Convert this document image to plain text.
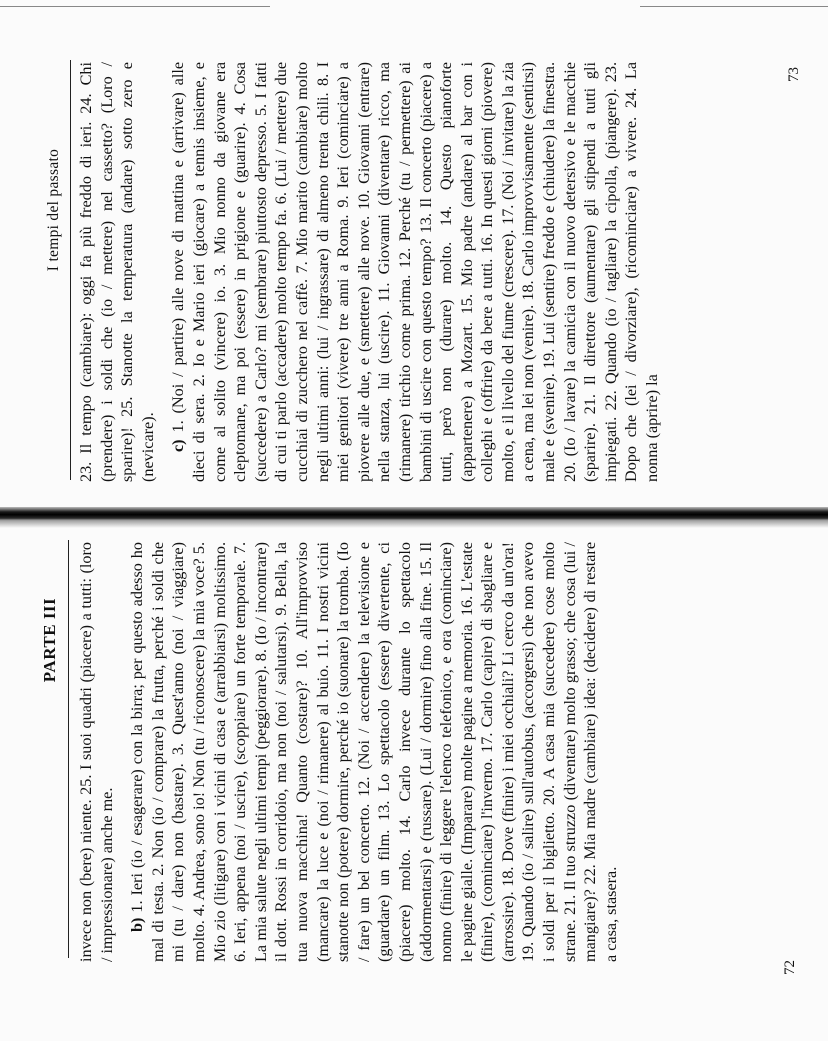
PARTE III invece non (bere) niente. 25. I suoi quadri (piacere) a tutti: (loro / impressionare) anche me. b) 1. Ieri (io / esagerare) con la birra; per questo adesso ho mal di testa. 2. Non (io / comprare) la frutta, perché i soldi che mi (tu / dare) non (bastare). 3. Quest'anno (noi / viaggiare) molto. 4. Andrea, sono io! Non (tu / riconoscere) la mia voce? 5. Mio zio (litigare) con i vicini di casa e (arrabbiarsi) moltissimo. 6. Ieri, appena (noi / uscire), (scoppiare) un forte temporale. 7. La mia salute negli ultimi tempi (peggiorare). 8. (Io / incontrare) il dott. Rossi in corridoio, ma non (noi / salutarsi). 9. Bella, la tua nuova macchina! Quanto (costare)? 10. All'improvviso (mancare) la luce e (noi / rimanere) al buio. 11. I nostri vicini stanotte non (potere) dormire, perché io (suonare) la tromba. (Io / fare) un bel concerto. 12. (Noi / accendere) la televisione e (guardare) un film. 13. Lo spettacolo (essere) divertente, ci (piacere) molto. 14. Carlo invece durante lo spettacolo (addormentarsi) e (russare). (Lui / dormire) fino alla fine. 15. Il nonno (finire) di leggere l'elenco telefonico, e ora (cominciare) le pagine gialle. (Imparare) molte pagine a memoria. 16. L'estate (finire), (cominciare) l'inverno. 17. Carlo (capire) di sbagliare e (arrossire). 18. Dove (finire) i miei occhiali? Li cerco da un'ora! 19. Quando (io / salire) sull'autobus, (accorgersi) che non avevo i soldi per il biglietto. 20. A casa mia (succedere) cose molto strane. 21. Il tuo struzzo (diventare) molto grasso; che cosa (lui / mangiare)? 22. Mia madre (cambiare) idea: (decidere) di restare a casa, stasera.

72
I tempi del passato 23. Il tempo (cambiare): oggi fa più freddo di ieri. 24. Chi (prendere) i soldi che (io / mettere) nel cassetto? (Loro / sparire)! 25. Stanotte la temperatura (andare) sotto zero e (nevicare). c) 1. (Noi / partire) alle nove di mattina e (arrivare) alle dieci di sera. 2. Io e Mario ieri (giocare) a tennis insieme, e come al solito (vincere) io. 3. Mio nonno da giovane era cleptomane, ma poi (essere) in prigione e (guarire). 4. Cosa (succedere) a Carlo? mi (sembrare) piuttosto depresso. 5. I fatti di cui ti parlo (accadere) molto tempo fa. 6. (Lui / mettere) due cucchiai di zucchero nel caffè. 7. Mio marito (cambiare) molto negli ultimi anni: (lui / ingrassare) di almeno trenta chili. 8. I miei genitori (vivere) tre anni a Roma. 9. Ieri (cominciare) a piovere alle due, e (smettere) alle nove. 10. Giovanni (entrare) nella stanza, lui (uscire). 11. Giovanni (diventare) ricco, ma (rimanere) tirchio come prima. 12. Perché (tu / permettere) ai bambini di uscire con questo tempo? 13. Il concerto (piacere) a tutti, però non (durare) molto. 14. Questo pianoforte (appartenere) a Mozart. 15. Mio padre (andare) al bar con i colleghi e (offrire) da bere a tutti. 16. In questi giorni (piovere) molto, e il livello del fiume (crescere). 17. (Noi / invitare) la zia a cena, ma lei non (venire). 18. Carlo improvvisamente (sentirsi) male e (svenire). 19. Lui (sentire) freddo e (chiudere) la finestra. 20. (Io / lavare) la camicia con il nuovo detersivo e le macchie (sparire). 21. Il direttore (aumentare) gli stipendi a tutti gli impiegati. 22. Quando (io / tagliare) la cipolla, (piangere). 23. Dopo che (lei / divorziare), (ricominciare) a vivere. 24. La nonna (aprire) la

73
